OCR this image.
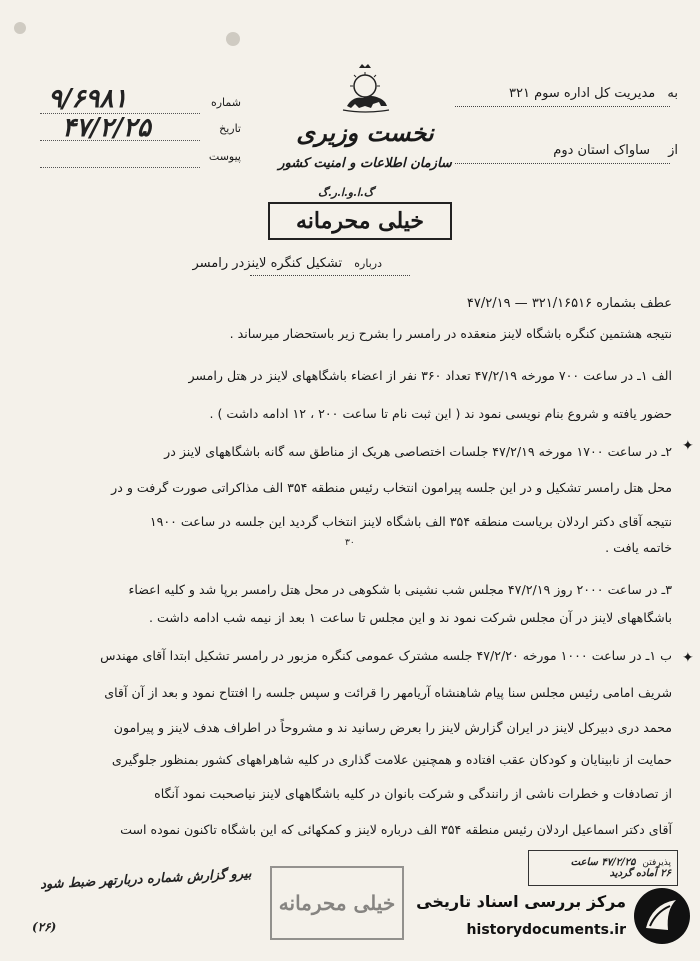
به مدیریت کل اداره سوم ۳۲۱
از ساواک استان دوم
شماره
۹/۶۹۸۱
تاریخ
۴۷/۲/۲۵
پیوست
نخست وزیری
سازمان اطلاعات و امنیت کشور
گ.ا.و.ا.ر.گ
خیلی محرمانه
درباره تشکیل کنگره لاینزدر رامسر
عطف بشماره ۳۲۱/۱۶۵۱۶ — ۴۷/۲/۱۹
نتیجه هشتمین کنگره باشگاه لاینز منعقده در رامسر را بشرح زیر باستحضار میرساند .
الف ۱ـ در ساعت ۷۰۰ مورخه ۴۷/۲/۱۹ تعداد ۳۶۰ نفر از اعضاء باشگاههای لاینز در هتل رامسر
حضور یافته و شروع بنام نویسی نمود ند ( این ثبت نام تا ساعت ۲۰۰ ، ۱۲ ادامه داشت ) .
۲ـ در ساعت ۱۷۰۰ مورخه ۴۷/۲/۱۹ جلسات اختصاصی هریک از مناطق سه گانه باشگاههای لاینز در
محل هتل رامسر تشکیل و در این جلسه پیرامون انتخاب رئیس منطقه ۳۵۴ الف مذاکراتی صورت گرفت و در
نتیجه آقای دکتر اردلان بریاست منطقه ۳۵۴ الف باشگاه لاینز انتخاب گردید این جلسه در ساعت ۱۹۰۰
خاتمه یافت .
۳۰
۳ـ در ساعت ۲۰۰۰ روز ۴۷/۲/۱۹ مجلس شب نشینی با شکوهی در محل هتل رامسر برپا شد و کلیه اعضاء
باشگاههای لاینز در آن مجلس شرکت نمود ند و این مجلس تا ساعت ۱ بعد از نیمه شب ادامه داشت .
ب ۱ـ در ساعت ۱۰۰۰ مورخه ۴۷/۲/۲۰ جلسه مشترک عمومی کنگره مزبور در رامسر تشکیل ابتدا آقای مهندس
شریف امامی رئیس مجلس سنا پیام شاهنشاه آریامهر را قرائت و سپس جلسه را افتتاح نمود و بعد از آن آقای
محمد دری دبیرکل لاینز در ایران گزارش لاینز را بعرض رسانید ند و مشروحاً در اطراف هدف لاینز و پیرامون
حمایت از نابینایان و کودکان عقب افتاده و همچنین علامت گذاری در کلیه شاهراههای کشور بمنظور جلوگیری
از تصادفات و خطرات ناشی از رانندگی و شرکت بانوان در کلیه باشگاههای لاینز نیاصحبت نمود آنگاه
آقای دکتر اسماعیل اردلان رئیس منطقه ۳۵۴ الف درباره لاینز و کمکهائی که این باشگاه تاکنون نموده است
✦
✦
بیرو گزارش شماره دربارتهر ضبط شود
(۲۶)
خیلی محرمانه
پذیرفتن ۴۷/۲/۲۵ ساعت
۲۶ آماده گردید
مرکز بررسی اسناد تاریخی
historydocuments.ir
